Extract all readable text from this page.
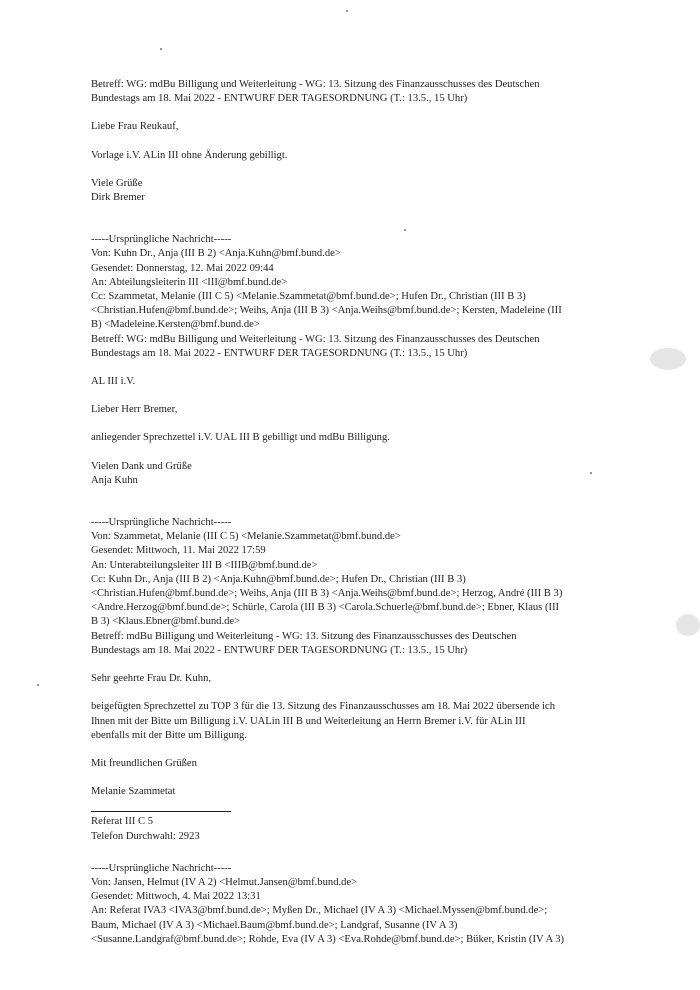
Betreff: WG: mdBu Billigung und Weiterleitung - WG: 13. Sitzung des Finanzausschusses des Deutschen
Bundestags am 18. Mai 2022 - ENTWURF DER TAGESORDNUNG (T.: 13.5., 15 Uhr)
Liebe Frau Reukauf,
Vorlage i.V. ALin III ohne Änderung gebilligt.
Viele Grüße
Dirk Bremer
-----Ursprüngliche Nachricht-----
Von: Kuhn Dr., Anja (III B 2) <Anja.Kuhn@bmf.bund.de>
Gesendet: Donnerstag, 12. Mai 2022 09:44
An: Abteilungsleiterin III <III@bmf.bund.de>
Cc: Szammetat, Melanie (III C 5) <Melanie.Szammetat@bmf.bund.de>; Hufen Dr., Christian (III B 3)
<Christian.Hufen@bmf.bund.de>; Weihs, Anja (III B 3) <Anja.Weihs@bmf.bund.de>; Kersten, Madeleine (III
B) <Madeleine.Kersten@bmf.bund.de>
Betreff: WG: mdBu Billigung und Weiterleitung - WG: 13. Sitzung des Finanzausschusses des Deutschen
Bundestags am 18. Mai 2022 - ENTWURF DER TAGESORDNUNG (T.: 13.5., 15 Uhr)
AL III i.V.
Lieber Herr Bremer,
anliegender Sprechzettel i.V. UAL III B gebilligt und mdBu Billigung.
Vielen Dank und Grüße
Anja Kuhn
-----Ursprüngliche Nachricht-----
Von: Szammetat, Melanie (III C 5) <Melanie.Szammetat@bmf.bund.de>
Gesendet: Mittwoch, 11. Mai 2022 17:59
An: Unterabteilungsleiter III B <IIIB@bmf.bund.de>
Cc: Kuhn Dr., Anja (III B 2) <Anja.Kuhn@bmf.bund.de>; Hufen Dr., Christian (III B 3)
<Christian.Hufen@bmf.bund.de>; Weihs, Anja (III B 3) <Anja.Weihs@bmf.bund.de>; Herzog, André (III B 3)
<Andre.Herzog@bmf.bund.de>; Schürle, Carola (III B 3) <Carola.Schuerle@bmf.bund.de>; Ebner, Klaus (III
B 3) <Klaus.Ebner@bmf.bund.de>
Betreff: mdBu Billigung und Weiterleitung - WG: 13. Sitzung des Finanzausschusses des Deutschen
Bundestags am 18. Mai 2022 - ENTWURF DER TAGESORDNUNG (T.: 13.5., 15 Uhr)
Sehr geehrte Frau Dr. Kuhn,
beigefügten Sprechzettel zu TOP 3 für die 13. Sitzung des Finanzausschusses am 18. Mai 2022 übersende ich
Ihnen mit der Bitte um Billigung i.V. UALin III B und Weiterleitung an Herrn Bremer i.V. für ALin III
ebenfalls mit der Bitte um Billigung.
Mit freundlichen Grüßen
Melanie Szammetat
Referat III C 5
Telefon Durchwahl: 2923
-----Ursprüngliche Nachricht-----
Von: Jansen, Helmut (IV A 2) <Helmut.Jansen@bmf.bund.de>
Gesendet: Mittwoch, 4. Mai 2022 13:31
An: Referat IVA3 <IVA3@bmf.bund.de>; Myßen Dr., Michael (IV A 3) <Michael.Myssen@bmf.bund.de>;
Baum, Michael (IV A 3) <Michael.Baum@bmf.bund.de>; Landgraf, Susanne (IV A 3)
<Susanne.Landgraf@bmf.bund.de>; Rohde, Eva (IV A 3) <Eva.Rohde@bmf.bund.de>; Büker, Kristin (IV A 3)
